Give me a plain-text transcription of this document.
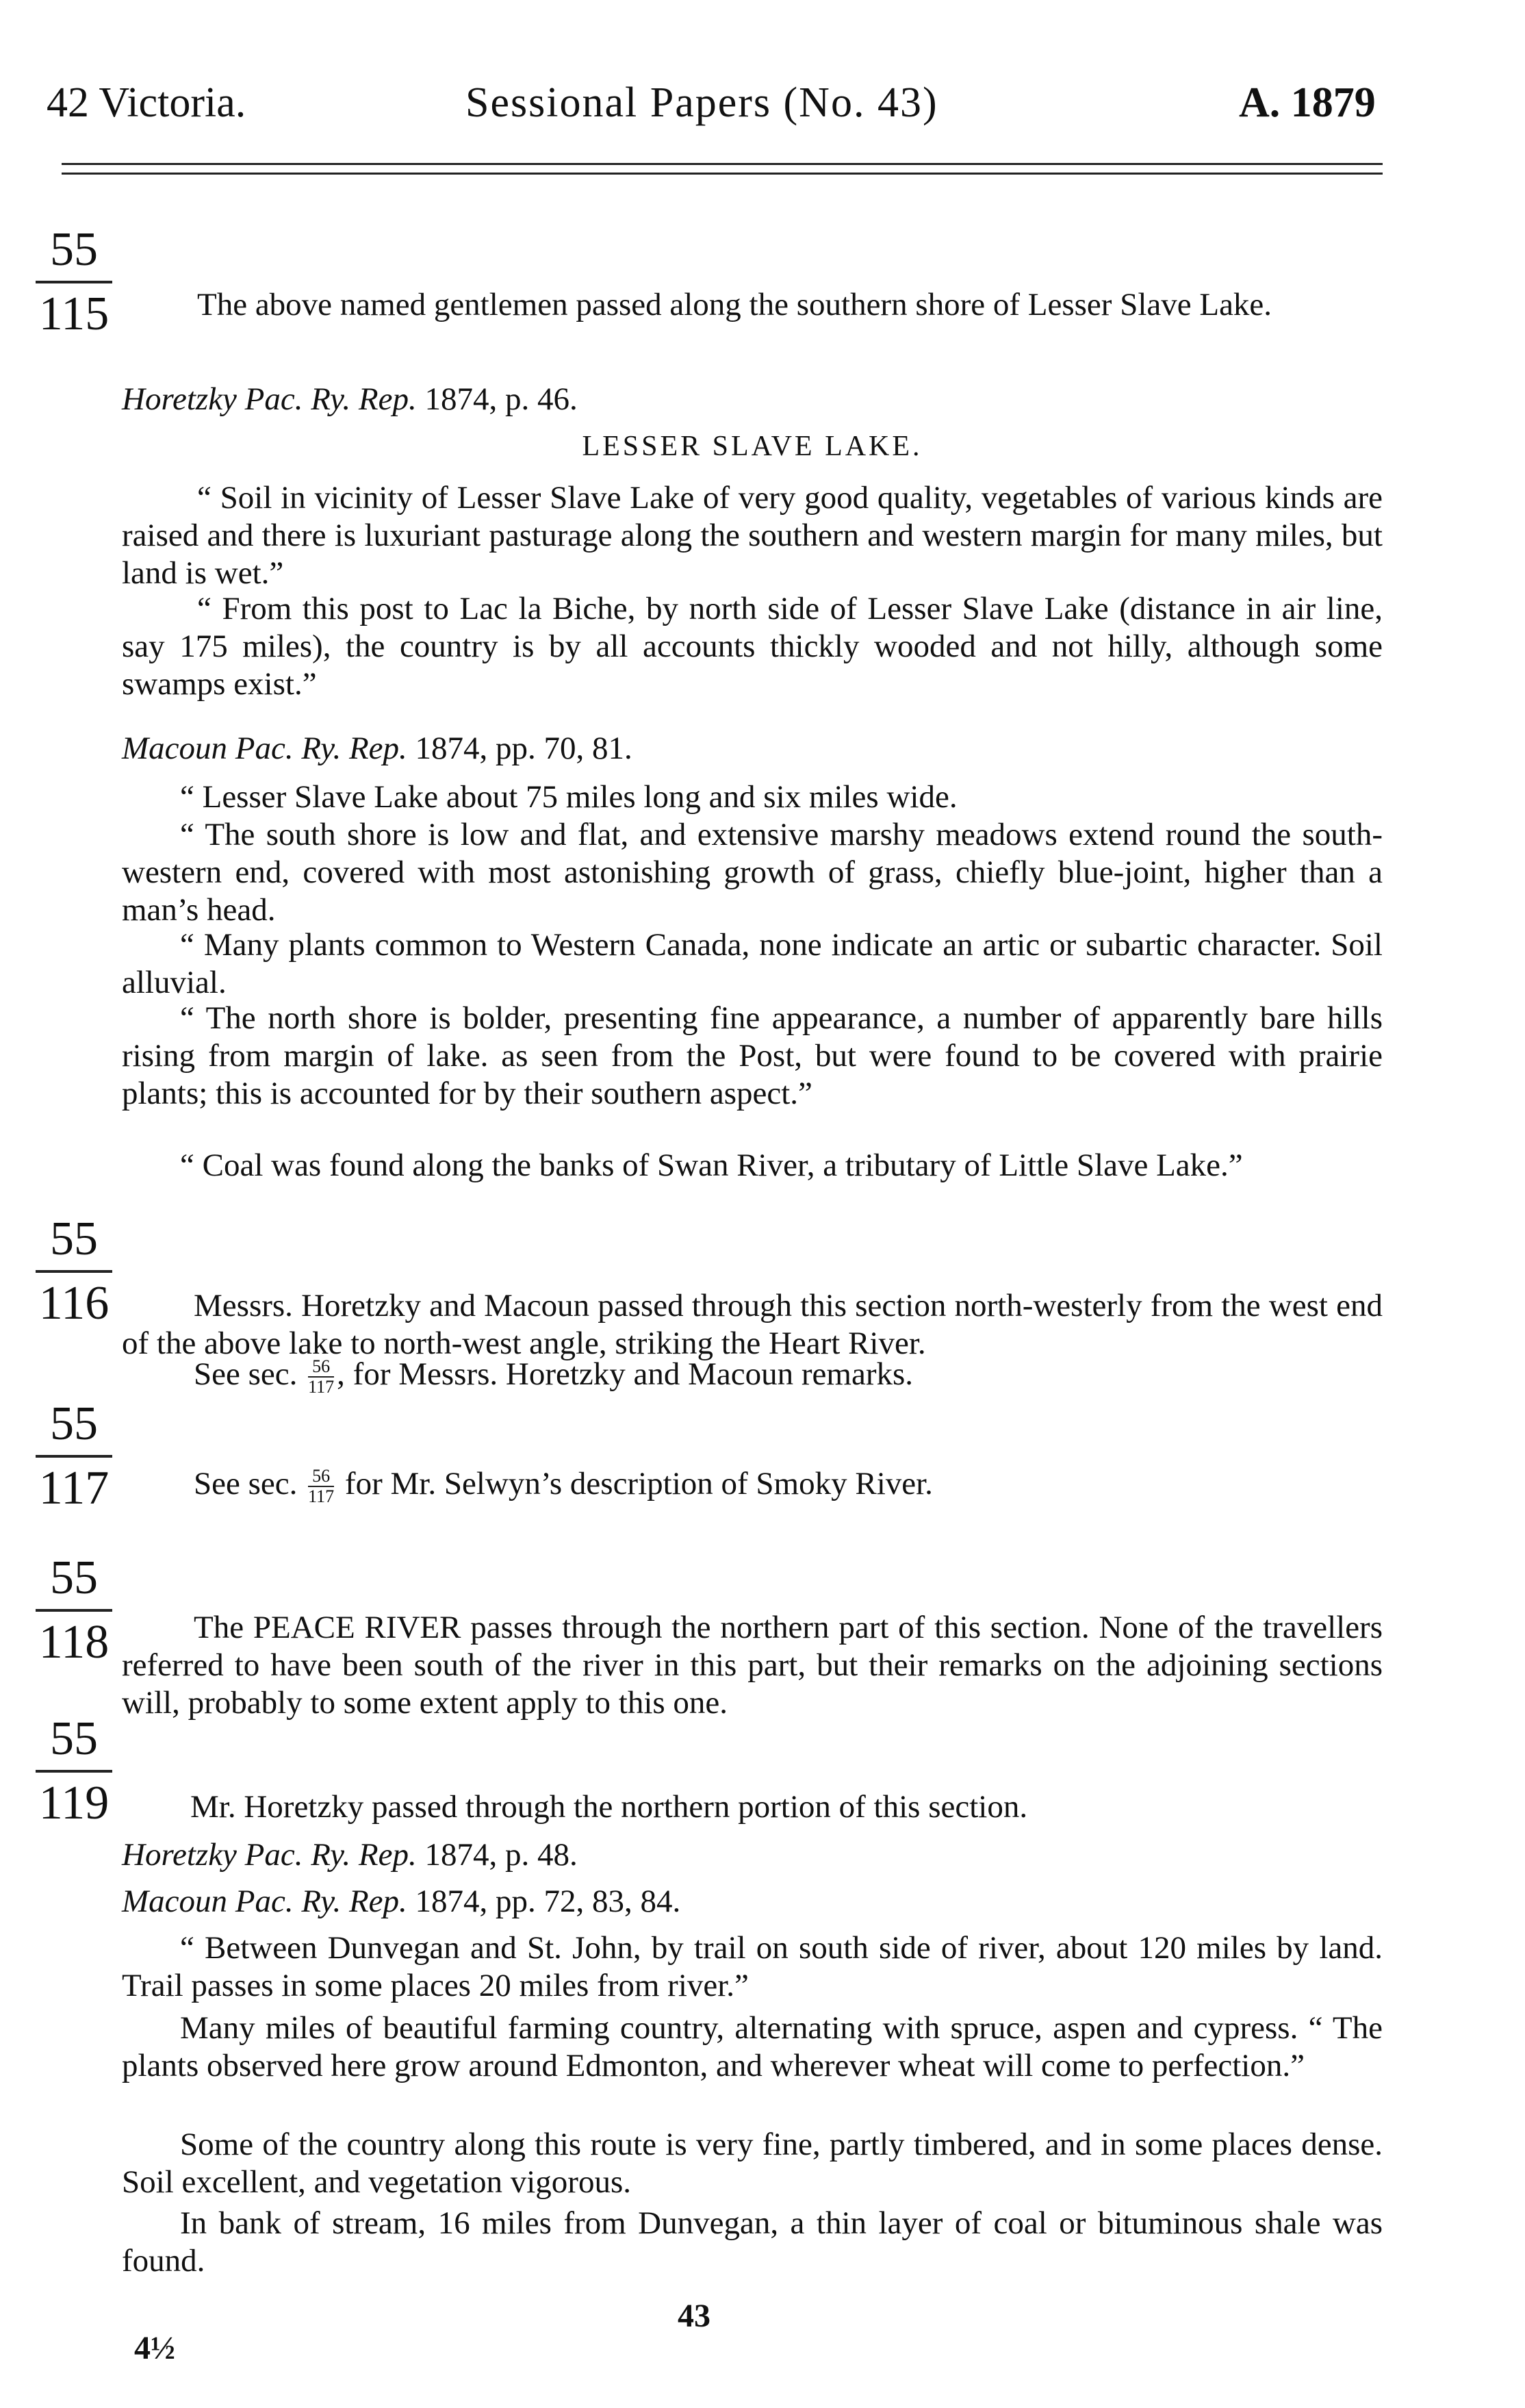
42 Victoria.	Sessional Papers (No. 43)	A. 1879
$\frac{55}{115}$	The above named gentlemen passed along the southern shore of Lesser Slave Lake.
Horetzky Pac. Ry. Rep. 1874, p. 46.
LESSER SLAVE LAKE.
“ Soil in vicinity of Lesser Slave Lake of very good quality, vegetables of various kinds are raised and there is luxuriant pasturage along the southern and western margin for many miles, but land is wet.”
“ From this post to Lac la Biche, by north side of Lesser Slave Lake (distance in air line, say 175 miles), the country is by all accounts thickly wooded and not hilly, although some swamps exist.”
Macoun Pac. Ry. Rep. 1874, pp. 70, 81.
“ Lesser Slave Lake about 75 miles long and six miles wide.
“ The south shore is low and flat, and extensive marshy meadows extend round the south-western end, covered with most astonishing growth of grass, chiefly blue-joint, higher than a man’s head.
“ Many plants common to Western Canada, none indicate an artic or subartic character. Soil alluvial.
“ The north shore is bolder, presenting fine appearance, a number of apparently bare hills rising from margin of lake. as seen from the Post, but were found to be covered with prairie plants; this is accounted for by their southern aspect.”
“ Coal was found along the banks of Swan River, a tributary of Little Slave Lake.”
$\frac{55}{116}$	Messrs. Horetzky and Macoun passed through this section north-westerly from the west end of the above lake to north-west angle, striking the Heart River.
See sec. $\frac{56}{117}$ , for Messrs. Horetzky and Macoun remarks.
$\frac{55}{117}$	See sec. $\frac{56}{117}$ for Mr. Selwyn’s description of Smoky River.
$\frac{55}{118}$	The PEACE RIVER passes through the northern part of this section. None of the travellers referred to have been south of the river in this part, but their remarks on the adjoining sections will, probably to some extent apply to this one.
$\frac{55}{119}$	Mr. Horetzky passed through the northern portion of this section.
Horetzky Pac. Ry. Rep. 1874, p. 48.
Macoun Pac. Ry. Rep. 1874, pp. 72, 83, 84.
“ Between Dunvegan and St. John, by trail on south side of river, about 120 miles by land. Trail passes in some places 20 miles from river.”
Many miles of beautiful farming country, alternating with spruce, aspen and cypress. “ The plants observed here grow around Edmonton, and wherever wheat will come to perfection.”
Some of the country along this route is very fine, partly timbered, and in some places dense. Soil excellent, and vegetation vigorous.
In bank of stream, 16 miles from Dunvegan, a thin layer of coal or bituminous shale was found.
43
4½
